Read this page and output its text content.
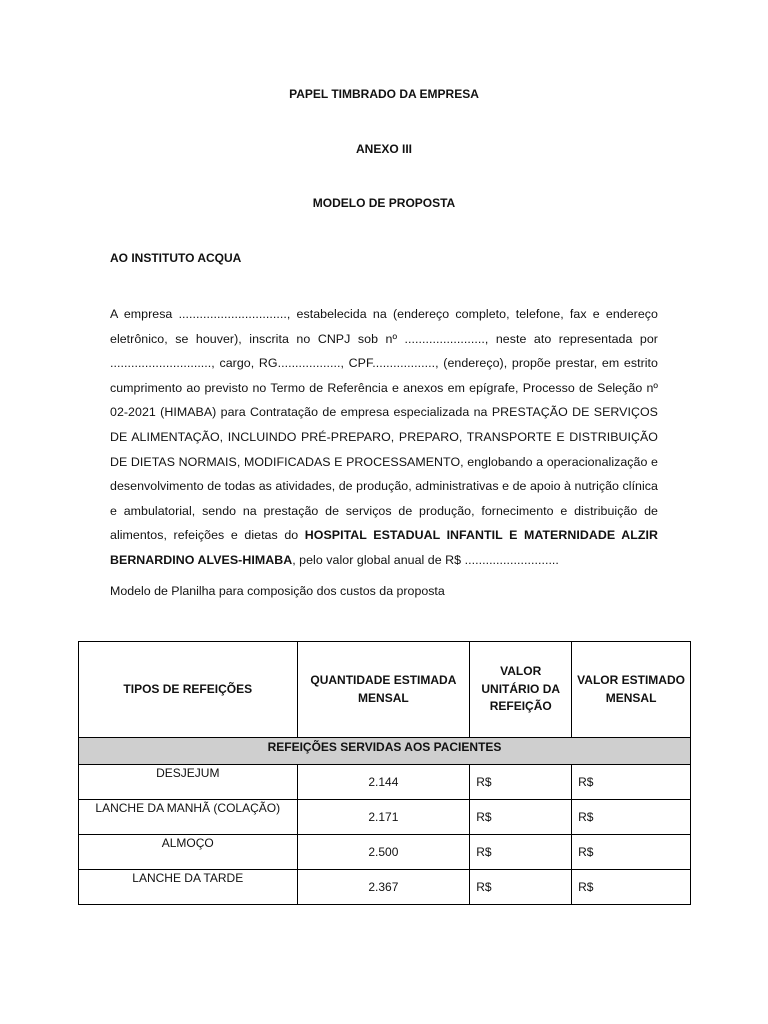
PAPEL TIMBRADO DA EMPRESA
ANEXO III
MODELO DE PROPOSTA
AO INSTITUTO ACQUA
A empresa ..............................., estabelecida na (endereço completo, telefone, fax e endereço eletrônico, se houver), inscrita no CNPJ sob nº ......................., neste ato representada por ............................., cargo, RG.................., CPF.................., (endereço), propõe prestar, em estrito cumprimento ao previsto no Termo de Referência e anexos em epígrafe, Processo de Seleção nº 02-2021 (HIMABA) para Contratação de empresa especializada na PRESTAÇÃO DE SERVIÇOS DE ALIMENTAÇÃO, INCLUINDO PRÉ-PREPARO, PREPARO, TRANSPORTE E DISTRIBUIÇÃO DE DIETAS NORMAIS, MODIFICADAS E PROCESSAMENTO, englobando a operacionalização e desenvolvimento de todas as atividades, de produção, administrativas e de apoio à nutrição clínica e ambulatorial, sendo na prestação de serviços de produção, fornecimento e distribuição de alimentos, refeições e dietas do HOSPITAL ESTADUAL INFANTIL E MATERNIDADE ALZIR BERNARDINO ALVES-HIMABA, pelo valor global anual de R$ ...........................
Modelo de Planilha para composição dos custos da proposta
TIPOS DE REFEIÇÕES	QUANTIDADE ESTIMADA MENSAL	VALOR UNITÁRIO DA REFEIÇÃO	VALOR ESTIMADO MENSAL

REFEIÇÕES SERVIDAS AOS PACIENTES			

DESJEJUM	2.144	R$	R$
LANCHE DA MANHÃ (COLAÇÃO)	2.171	R$	R$
ALMOÇO	2.500	R$	R$
LANCHE DA TARDE	2.367	R$	R$
